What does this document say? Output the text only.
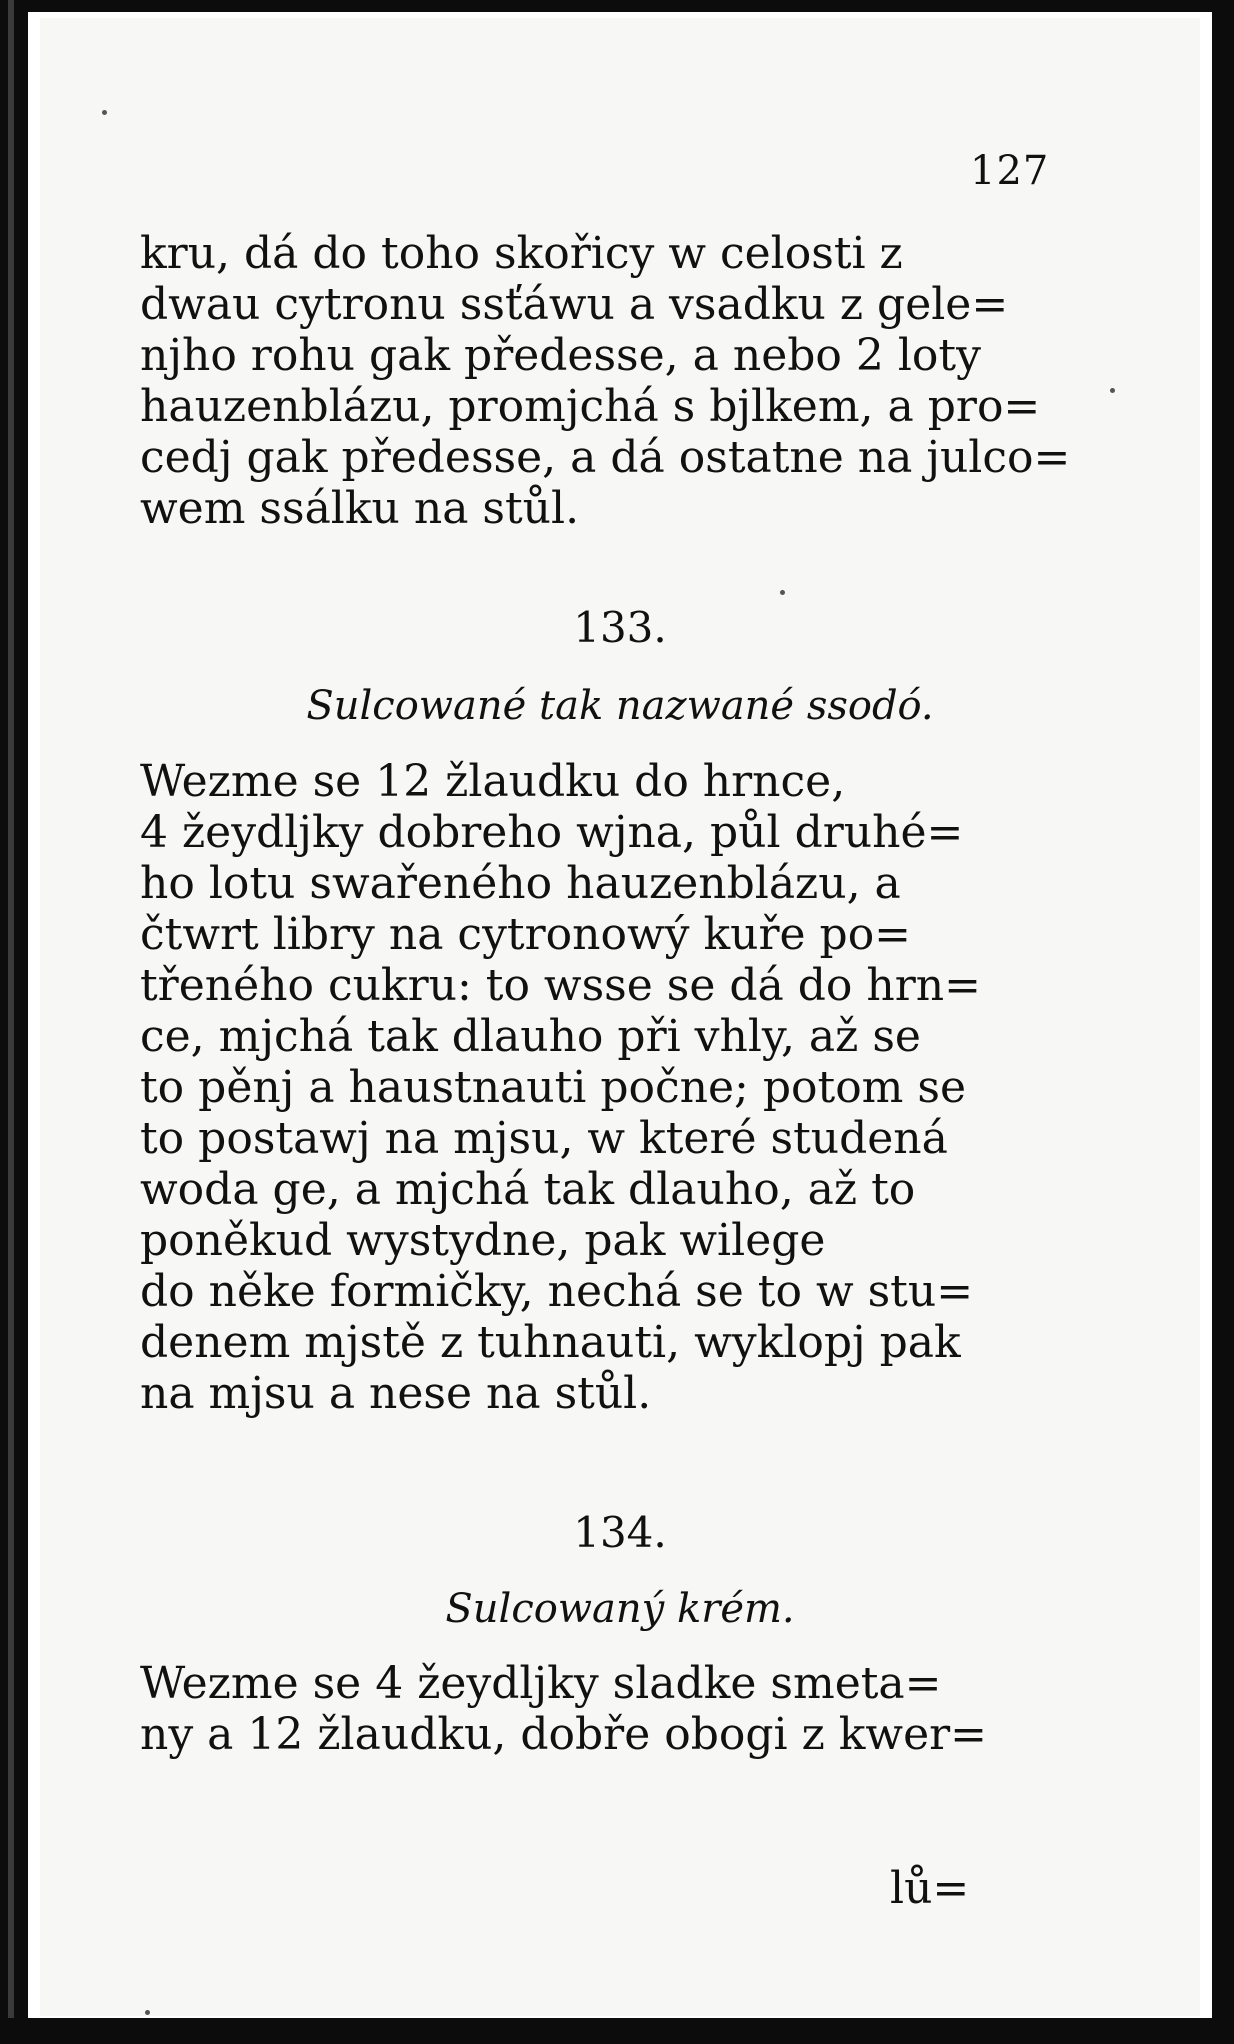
127
kru, dá do toho skořicy w celosti z
dwau cytronu ssťáwu a vsadku z gele=
njho rohu gak předesse, a nebo 2 loty
hauzenblázu, promjchá s bjlkem, a pro=
cedj gak předesse, a dá ostatne na julco=
wem ssálku na stůl.
133.
Sulcowané tak nazwané ssodó.
Wezme se 12 žlaudku do hrnce,
4 žeydljky dobreho wjna, půl druhé=
ho lotu swařeného hauzenblázu, a
čtwrt libry na cytronowý kuře po=
třeného cukru: to wsse se dá do hrn=
ce, mjchá tak dlauho při vhly, až se
to pěnj a haustnauti počne; potom se
to postawj na mjsu, w které studená
woda ge, a mjchá tak dlauho, až to
poněkud wystydne, pak wilege
do něke formičky, nechá se to w stu=
denem mjstě z tuhnauti, wyklopj pak
na mjsu a nese na stůl.
134.
Sulcowaný krém.
Wezme se 4 žeydljky sladke smeta=
ny a 12 žlaudku, dobře obogi z kwer=
lů=
